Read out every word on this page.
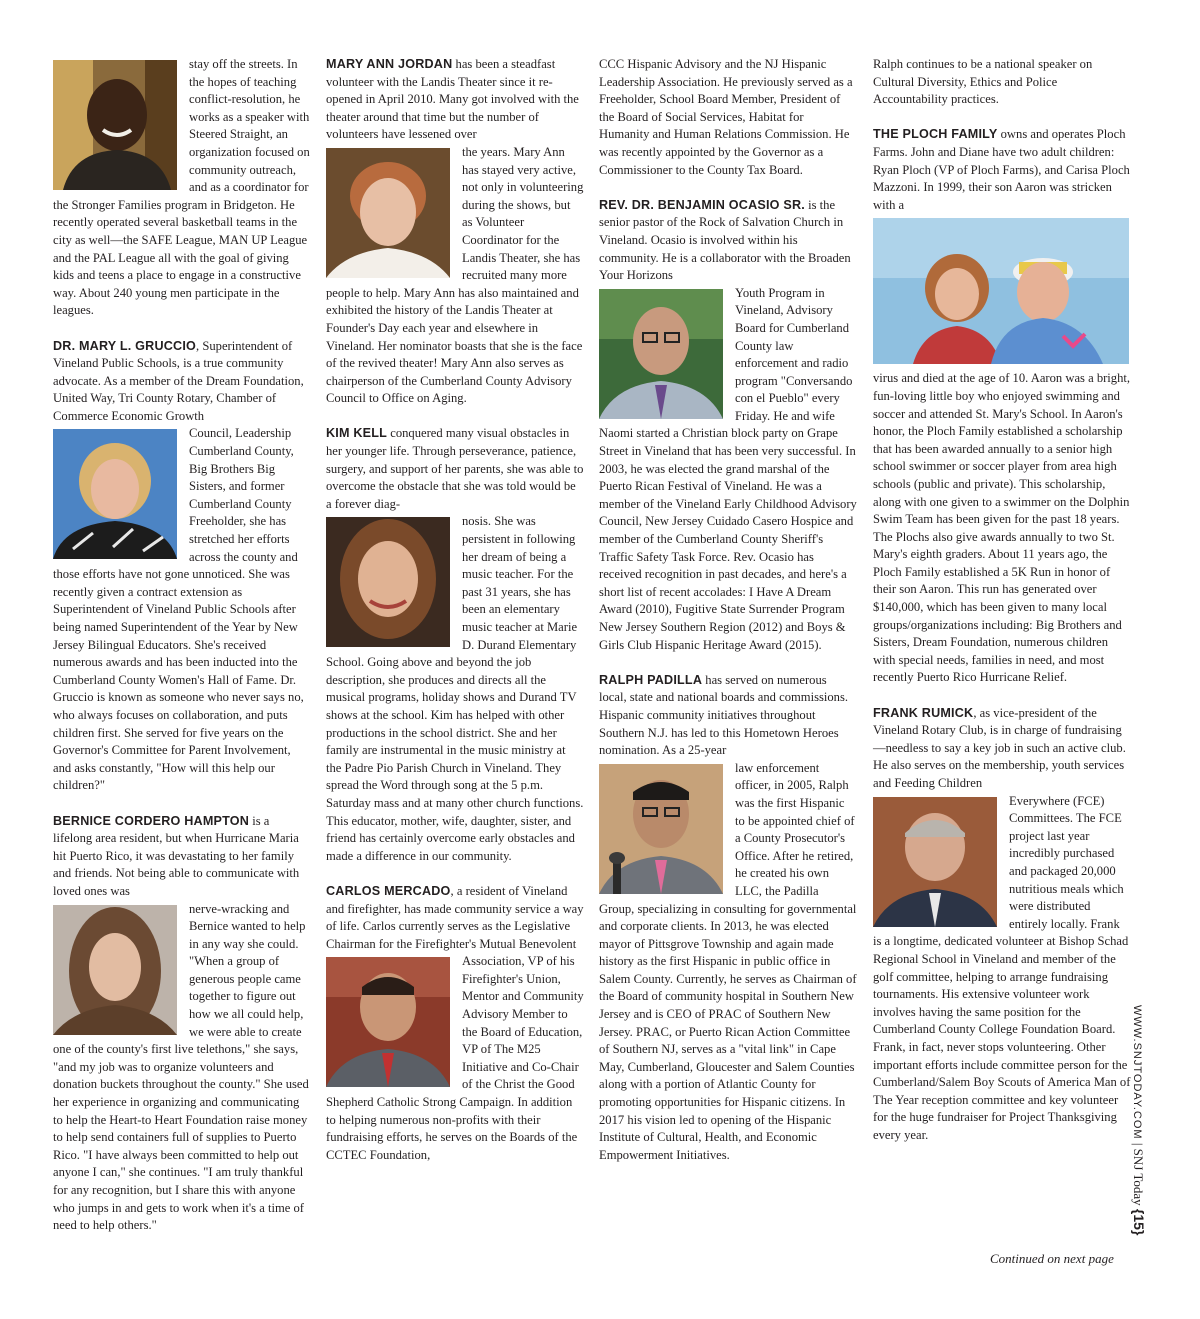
stay off the streets. In the hopes of teaching conflict-resolution, he works as a speaker with Steered Straight, an organization focused on community outreach, and as a coordinator for the Stronger Families program in Bridgeton. He recently operated several basketball teams in the city as well—the SAFE League, MAN UP League and the PAL League all with the goal of giving kids and teens a place to engage in a constructive way. About 240 young men participate in the leagues.

DR. MARY L. GRUCCIO, Superintendent of Vineland Public Schools, is a true community advocate. As a member of the Dream Foundation, United Way, Tri County Rotary, Chamber of Commerce Economic Growth

Council, Leadership Cumberland County, Big Brothers Big Sisters, and former Cumberland County Freeholder, she has stretched her efforts across the county and those efforts have not gone unnoticed. She was recently given a contract extension as Superintendent of Vineland Public Schools after being named Superintendent of the Year by New Jersey Bilingual Educators. She's received numerous awards and has been inducted into the Cumberland County Women's Hall of Fame. Dr. Gruccio is known as someone who never says no, who always focuses on collaboration, and puts children first. She served for five years on the Governor's Committee for Parent Involvement, and asks constantly, "How will this help our children?"

BERNICE CORDERO HAMPTON is a lifelong area resident, but when Hurricane Maria hit Puerto Rico, it was devastating to her family and friends. Not being able to communicate with loved ones was

nerve-wracking and Bernice wanted to help in any way she could. "When a group of generous people came together to figure out how we all could help, we were able to create one of the county's first live telethons," she says, "and my job was to organize volunteers and donation buckets throughout the county." She used her experience in organizing and communicating to help the Heart-to Heart Foundation raise money to help send containers full of supplies to Puerto Rico. "I have always been committed to help out anyone I can," she continues. "I am truly thankful for any recognition, but I share this with anyone who jumps in and gets to work when it's a time of need to help others."

MARY ANN JORDAN has been a steadfast volunteer with the Landis Theater since it re-opened in April 2010. Many got involved with the theater around that time but the number of volunteers have lessened over

the years. Mary Ann has stayed very active, not only in volunteering during the shows, but as Volunteer Coordinator for the Landis Theater, she has recruited many more people to help. Mary Ann has also maintained and exhibited the history of the Landis Theater at Founder's Day each year and elsewhere in Vineland. Her nominator boasts that she is the face of the revived theater! Mary Ann also serves as chairperson of the Cumberland County Advisory Council to Office on Aging.

KIM KELL conquered many visual obstacles in her younger life. Through perseverance, patience, surgery, and support of her parents, she was able to overcome the obstacle that she was told would be a forever diag-

nosis. She was persistent in following her dream of being a music teacher. For the past 31 years, she has been an elementary music teacher at Marie D. Durand Elementary School. Going above and beyond the job description, she produces and directs all the musical programs, holiday shows and Durand TV shows at the school. Kim has helped with other productions in the school district. She and her family are instrumental in the music ministry at the Padre Pio Parish Church in Vineland. They spread the Word through song at the 5 p.m. Saturday mass and at many other church functions. This educator, mother, wife, daughter, sister, and friend has certainly overcome early obstacles and made a difference in our community.

CARLOS MERCADO, a resident of Vineland and firefighter, has made community service a way of life. Carlos currently serves as the Legislative Chairman for the Firefighter's Mutual Benevolent

Association, VP of his Firefighter's Union, Mentor and Community Advisory Member to the Board of Education, VP of The M25 Initiative and Co-Chair of the Christ the Good Shepherd Catholic Strong Campaign. In addition to helping numerous non-profits with their fundraising efforts, he serves on the Boards of the CCTEC Foundation,

CCC Hispanic Advisory and the NJ Hispanic Leadership Association. He previously served as a Freeholder, School Board Member, President of the Board of Social Services, Habitat for Humanity and Human Relations Commission. He was recently appointed by the Governor as a Commissioner to the County Tax Board.

REV. DR. BENJAMIN OCASIO SR. is the senior pastor of the Rock of Salvation Church in Vineland. Ocasio is involved within his community. He is a collaborator with the Broaden Your Horizons

Youth Program in Vineland, Advisory Board for Cumberland County law enforcement and radio program "Conversando con el Pueblo" every Friday. He and wife Naomi started a Christian block party on Grape Street in Vineland that has been very successful. In 2003, he was elected the grand marshal of the Puerto Rican Festival of Vineland. He was a member of the Vineland Early Childhood Advisory Council, New Jersey Cuidado Casero Hospice and member of the Cumberland County Sheriff's Traffic Safety Task Force. Rev. Ocasio has received recognition in past decades, and here's a short list of recent accolades: I Have A Dream Award (2010), Fugitive State Surrender Program New Jersey Southern Region (2012) and Boys & Girls Club Hispanic Heritage Award (2015).

RALPH PADILLA has served on numerous local, state and national boards and commissions. Hispanic community initiatives throughout Southern N.J. has led to this Hometown Heroes nomination. As a 25-year

law enforcement officer, in 2005, Ralph was the first Hispanic to be appointed chief of a County Prosecutor's Office. After he retired, he created his own LLC, the Padilla Group, specializing in consulting for governmental and corporate clients. In 2013, he was elected mayor of Pittsgrove Township and again made history as the first Hispanic in public office in Salem County. Currently, he serves as Chairman of the Board of community hospital in Southern New Jersey and is CEO of PRAC of Southern New Jersey. PRAC, or Puerto Rican Action Committee of Southern NJ, serves as a "vital link" in Cape May, Cumberland, Gloucester and Salem Counties along with a portion of Atlantic County for promoting opportunities for Hispanic citizens. In 2017 his vision led to opening of the Hispanic Institute of Cultural, Health, and Economic Empowerment Initiatives.

Ralph continues to be a national speaker on Cultural Diversity, Ethics and Police Accountability practices.

THE PLOCH FAMILY owns and operates Ploch Farms. John and Diane have two adult children: Ryan Ploch (VP of Ploch Farms), and Carisa Ploch Mazzoni. In 1999, their son Aaron was stricken with a

virus and died at the age of 10. Aaron was a bright, fun-loving little boy who enjoyed swimming and soccer and attended St. Mary's School. In Aaron's honor, the Ploch Family established a scholarship that has been awarded annually to a senior high school swimmer or soccer player from area high schools (public and private). This scholarship, along with one given to a swimmer on the Dolphin Swim Team has been given for the past 18 years. The Plochs also give awards annually to two St. Mary's eighth graders. About 11 years ago, the Ploch Family established a 5K Run in honor of their son Aaron. This run has generated over $140,000, which has been given to many local groups/organizations including: Big Brothers and Sisters, Dream Foundation, numerous children with special needs, families in need, and most recently Puerto Rico Hurricane Relief.

FRANK RUMICK, as vice-president of the Vineland Rotary Club, is in charge of fundraising—needless to say a key job in such an active club. He also serves on the membership, youth services and Feeding Children

Everywhere (FCE) Committees. The FCE project last year incredibly purchased and packaged 20,000 nutritious meals which were distributed entirely locally. Frank is a longtime, dedicated volunteer at Bishop Schad Regional School in Vineland and member of the golf committee, helping to arrange fundraising tournaments. His extensive volunteer work involves having the same position for the Cumberland County College Foundation Board. Frank, in fact, never stops volunteering. Other important efforts include committee person for the Cumberland/Salem Boy Scouts of America Man of The Year reception committee and key volunteer for the huge fundraiser for Project Thanksgiving every year.

Continued on next page
WWW.SNJTODAY.COM | SNJ Today {15}
